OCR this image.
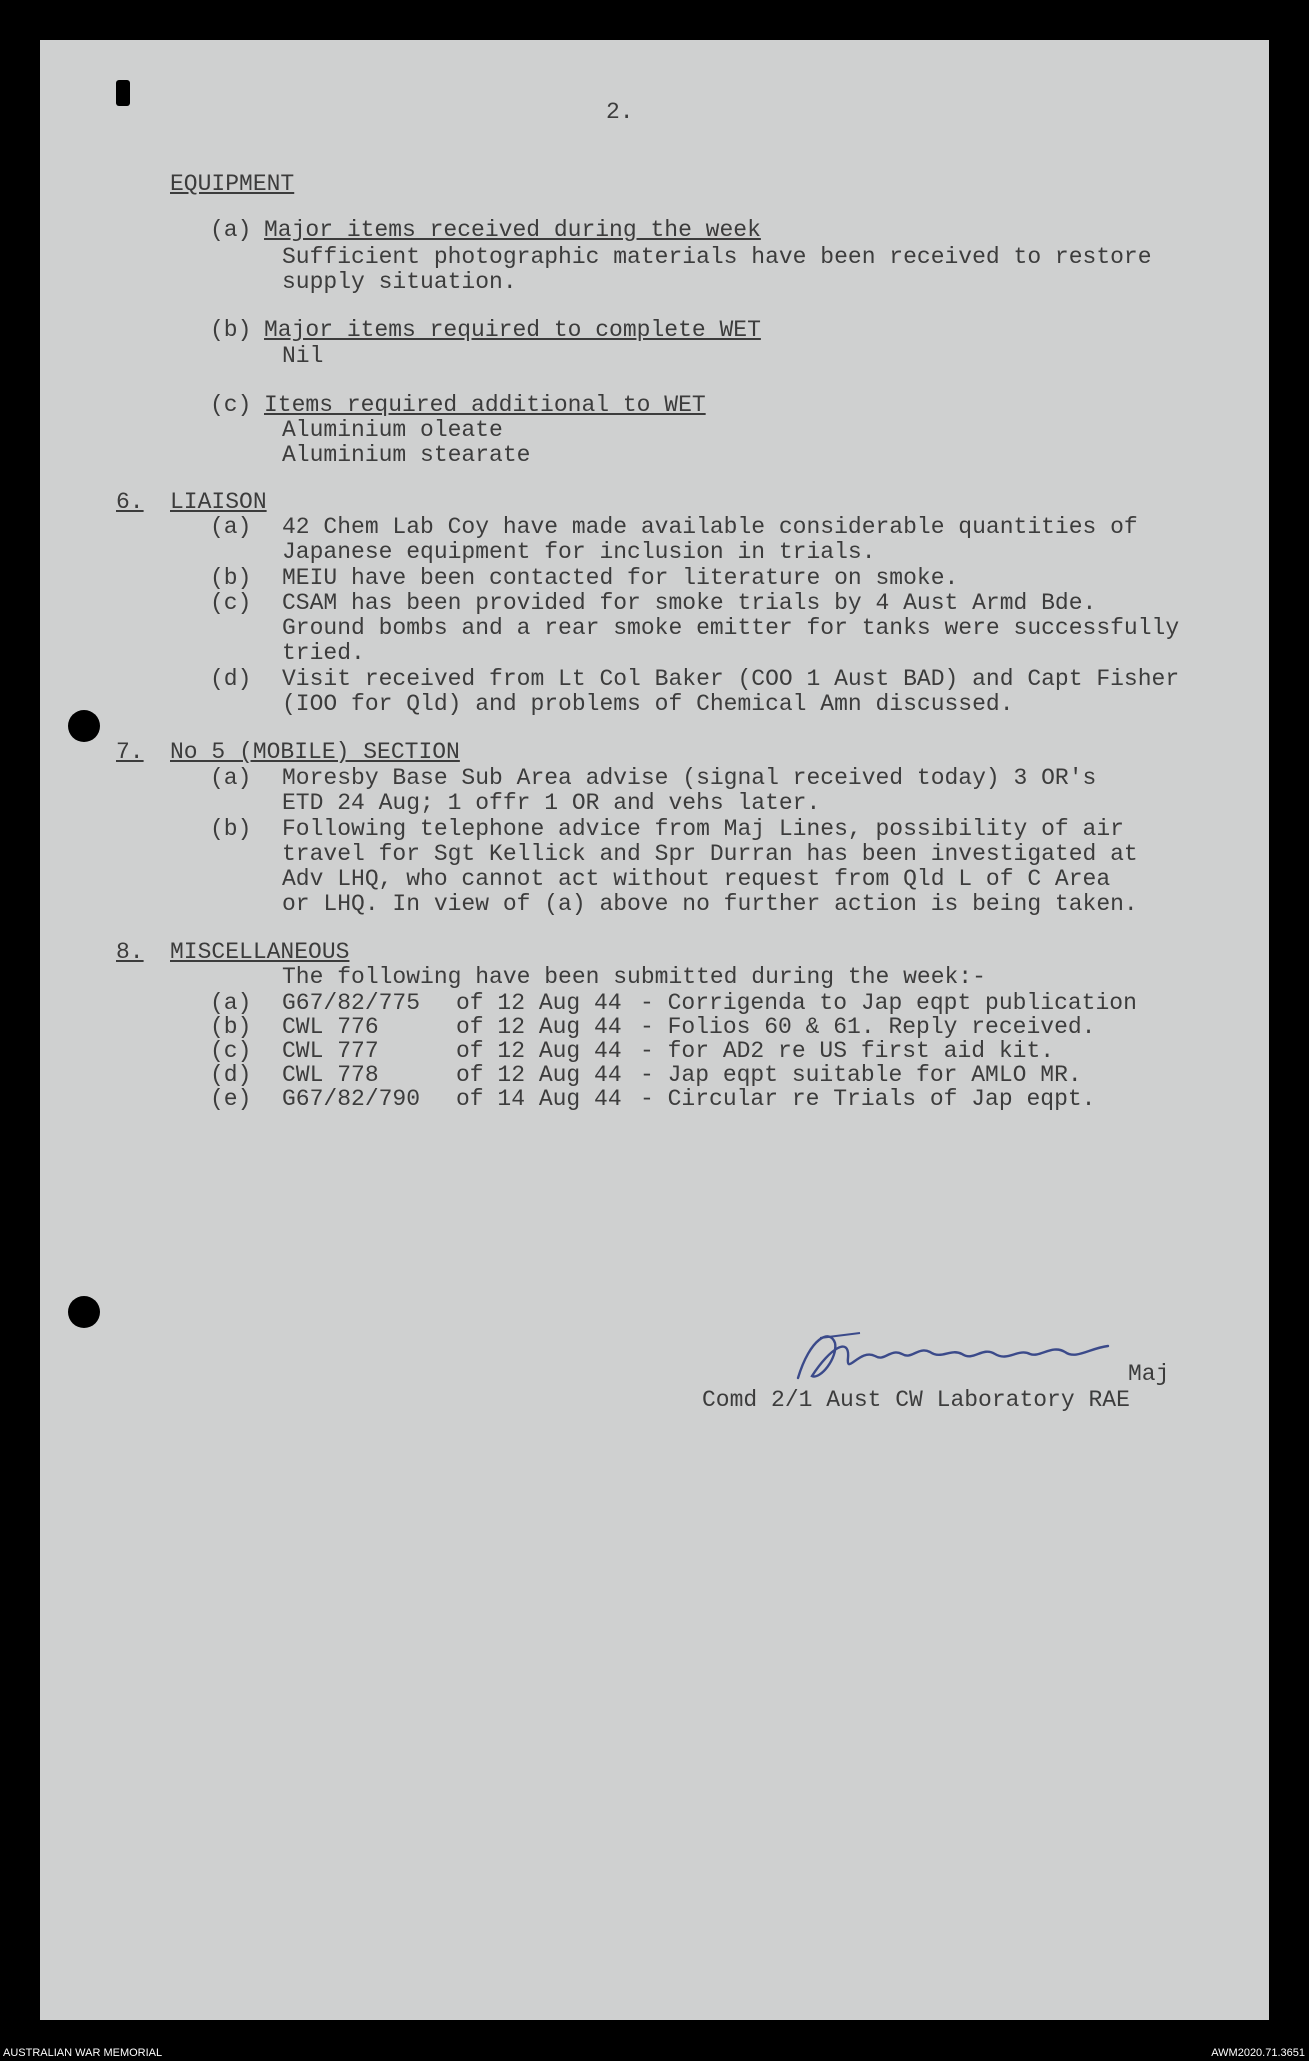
2.
EQUIPMENT
(a) Major items received during the week
Sufficient photographic materials have been received to restore
supply situation.
(b) Major items required to complete WET
Nil
(c) Items required additional to WET
Aluminium oleate
Aluminium stearate
6. LIAISON
(a) 42 Chem Lab Coy have made available considerable quantities of
Japanese equipment for inclusion in trials.
(b) MEIU have been contacted for literature on smoke.
(c) CSAM has been provided for smoke trials by 4 Aust Armd Bde.
Ground bombs and a rear smoke emitter for tanks were successfully
tried.
(d) Visit received from Lt Col Baker (COO 1 Aust BAD) and Capt Fisher
(IOO for Qld) and problems of Chemical Amn discussed.
7. No 5 (MOBILE) SECTION
(a) Moresby Base Sub Area advise (signal received today) 3 OR's
ETD 24 Aug; 1 offr 1 OR and vehs later.
(b) Following telephone advice from Maj Lines, possibility of air
travel for Sgt Kellick and Spr Durran has been investigated at
Adv LHQ, who cannot act without request from Qld L of C Area
or LHQ. In view of (a) above no further action is being taken.
8. MISCELLANEOUS
The following have been submitted during the week:-
(a) G67/82/775 of 12 Aug 44 - Corrigenda to Jap eqpt publication
(b) CWL 776	of 12 Aug 44 - Folios 60 & 61. Reply received.
(c) CWL 777	of 12 Aug 44 - for AD2 re US first aid kit.
(d) CWL 778	of 12 Aug 44 - Jap eqpt suitable for AMLO MR.
(e) G67/82/790 of 14 Aug 44 - Circular re Trials of Jap eqpt.
Maj
Comd 2/1 Aust CW Laboratory RAE
AUSTRALIAN WAR MEMORIAL	AWM2020.71.3651
